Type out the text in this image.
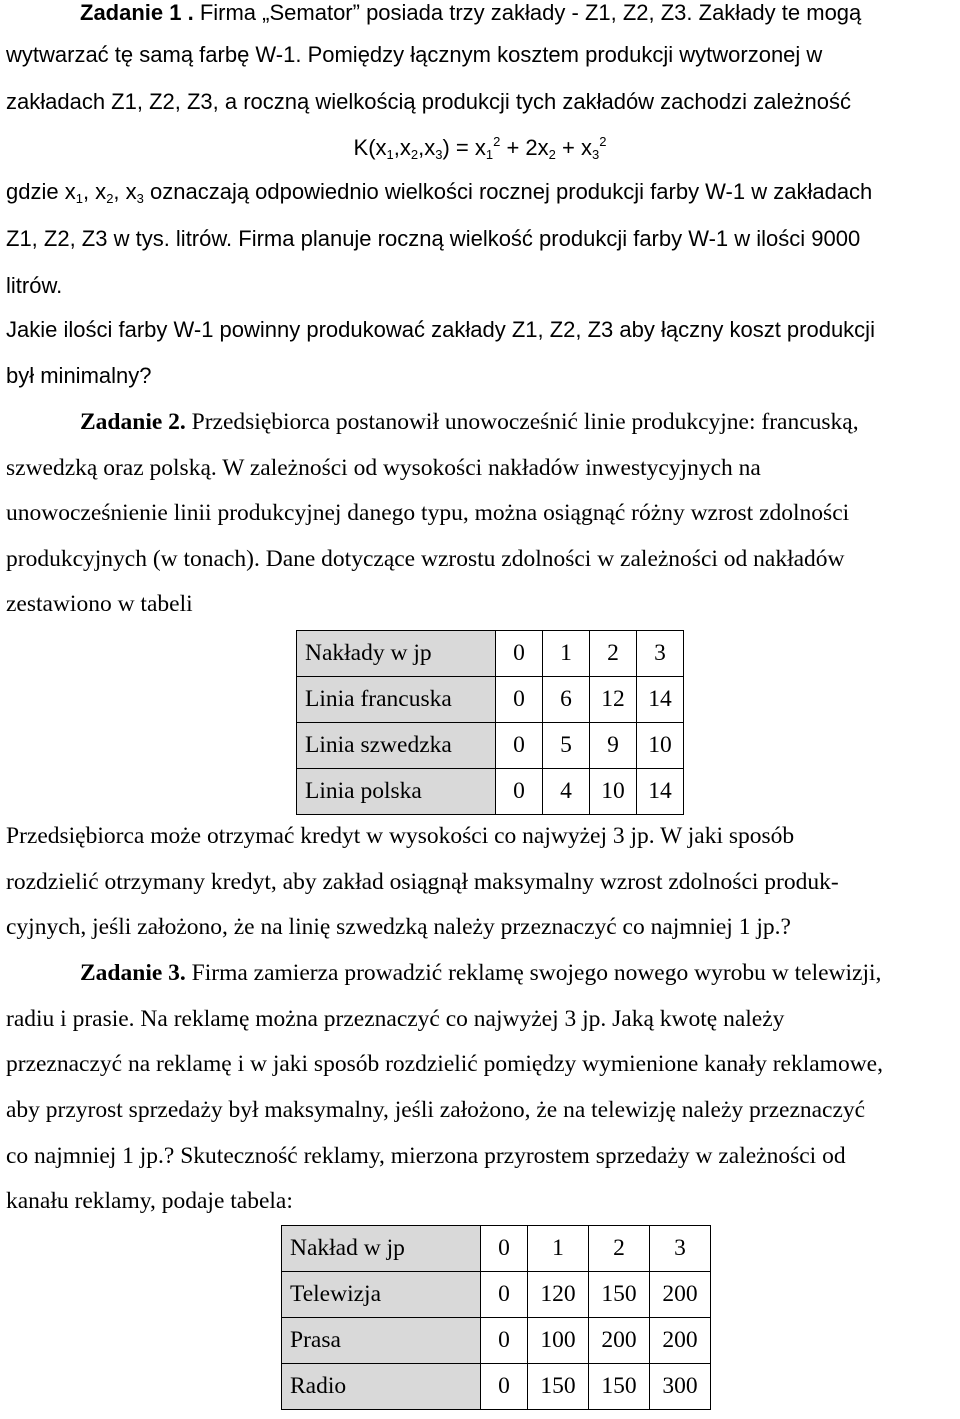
Zadanie 1 . Firma „Semator” posiada trzy zakłady - Z1, Z2, Z3. Zakłady te mogą
wytwarzać tę samą farbę W-1. Pomiędzy łącznym kosztem produkcji wytworzonej w
zakładach Z1, Z2, Z3, a roczną wielkością produkcji tych zakładów zachodzi zależność
$K(x_1,x_2,x_3) = x_1^2 + 2x_2 + x_3^2$
gdzie $x_1$, $x_2$, $x_3$ oznaczają odpowiednio wielkości rocznej produkcji farby W-1 w zakładach
Z1, Z2, Z3 w tys. litrów. Firma planuje roczną wielkość produkcji farby W-1 w ilości 9000
litrów.
Jakie ilości farby W-1 powinny produkować zakłady Z1, Z2, Z3 aby łączny koszt produkcji
był minimalny?
Zadanie 2. Przedsiębiorca postanowił unowocześnić linie produkcyjne: francuską,
szwedzką oraz polską. W zależności od wysokości nakładów inwestycyjnych na
unowocześnienie linii produkcyjnej danego typu, można osiągnąć różny wzrost zdolności
produkcyjnych (w tonach). Dane dotyczące wzrostu zdolności w zależności od nakładów
zestawiono w tabeli
Nakłady w jp	0	1	2	3
Linia francuska	0	6	12	14
Linia szwedzka	0	5	9	10
Linia polska	0	4	10	14
Przedsiębiorca może otrzymać kredyt w wysokości co najwyżej 3 jp. W jaki sposób
rozdzielić otrzymany kredyt, aby zakład osiągnął maksymalny wzrost zdolności produk-
cyjnych, jeśli założono, że na linię szwedzką należy przeznaczyć co najmniej 1 jp.?
Zadanie 3. Firma zamierza prowadzić reklamę swojego nowego wyrobu w telewizji,
radiu i prasie. Na reklamę można przeznaczyć co najwyżej 3 jp. Jaką kwotę należy
przeznaczyć na reklamę i w jaki sposób rozdzielić pomiędzy wymienione kanały reklamowe,
aby przyrost sprzedaży był maksymalny, jeśli założono, że na telewizję należy przeznaczyć
co najmniej 1 jp.? Skuteczność reklamy, mierzona przyrostem sprzedaży w zależności od
kanału reklamy, podaje tabela:
Nakład w jp	0	1	2	3
Telewizja	0	120	150	200
Prasa	0	100	200	200
Radio	0	150	150	300
